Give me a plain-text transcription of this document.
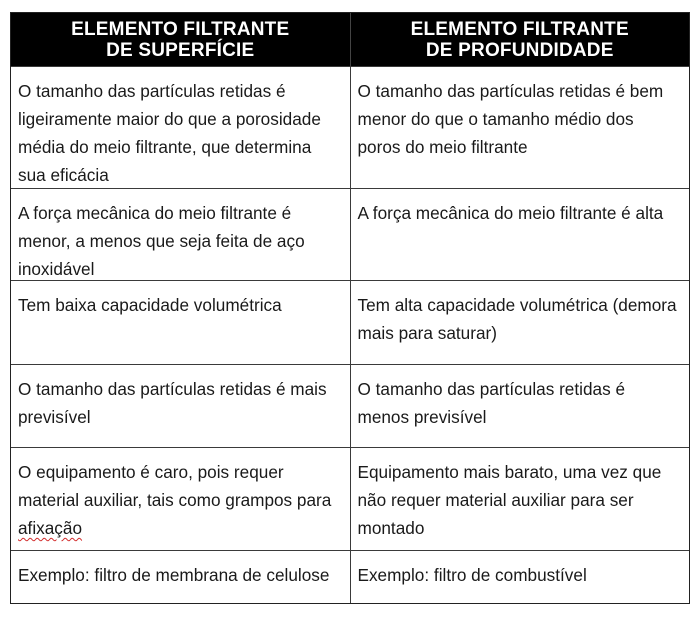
ELEMENTO FILTRANTE
DE SUPERFÍCIE
ELEMENTO FILTRANTE
DE PROFUNDIDADE
O tamanho das partículas retidas é ligeiramente maior do que a porosidade média do meio filtrante, que determina sua eficácia
O tamanho das partículas retidas é bem menor do que o tamanho médio dos poros do meio filtrante
A força mecânica do meio filtrante é menor, a menos que seja feita de aço inoxidável
A força mecânica do meio filtrante é alta
Tem baixa capacidade volumétrica	Tem alta capacidade volumétrica (demora mais para saturar)
O tamanho das partículas retidas é mais previsível
O tamanho das partículas retidas é menos previsível
O equipamento é caro, pois requer material auxiliar, tais como grampos para afixação
Equipamento mais barato, uma vez que não requer material auxiliar para ser montado
Exemplo: filtro de membrana de celulose	Exemplo: filtro de combustível
